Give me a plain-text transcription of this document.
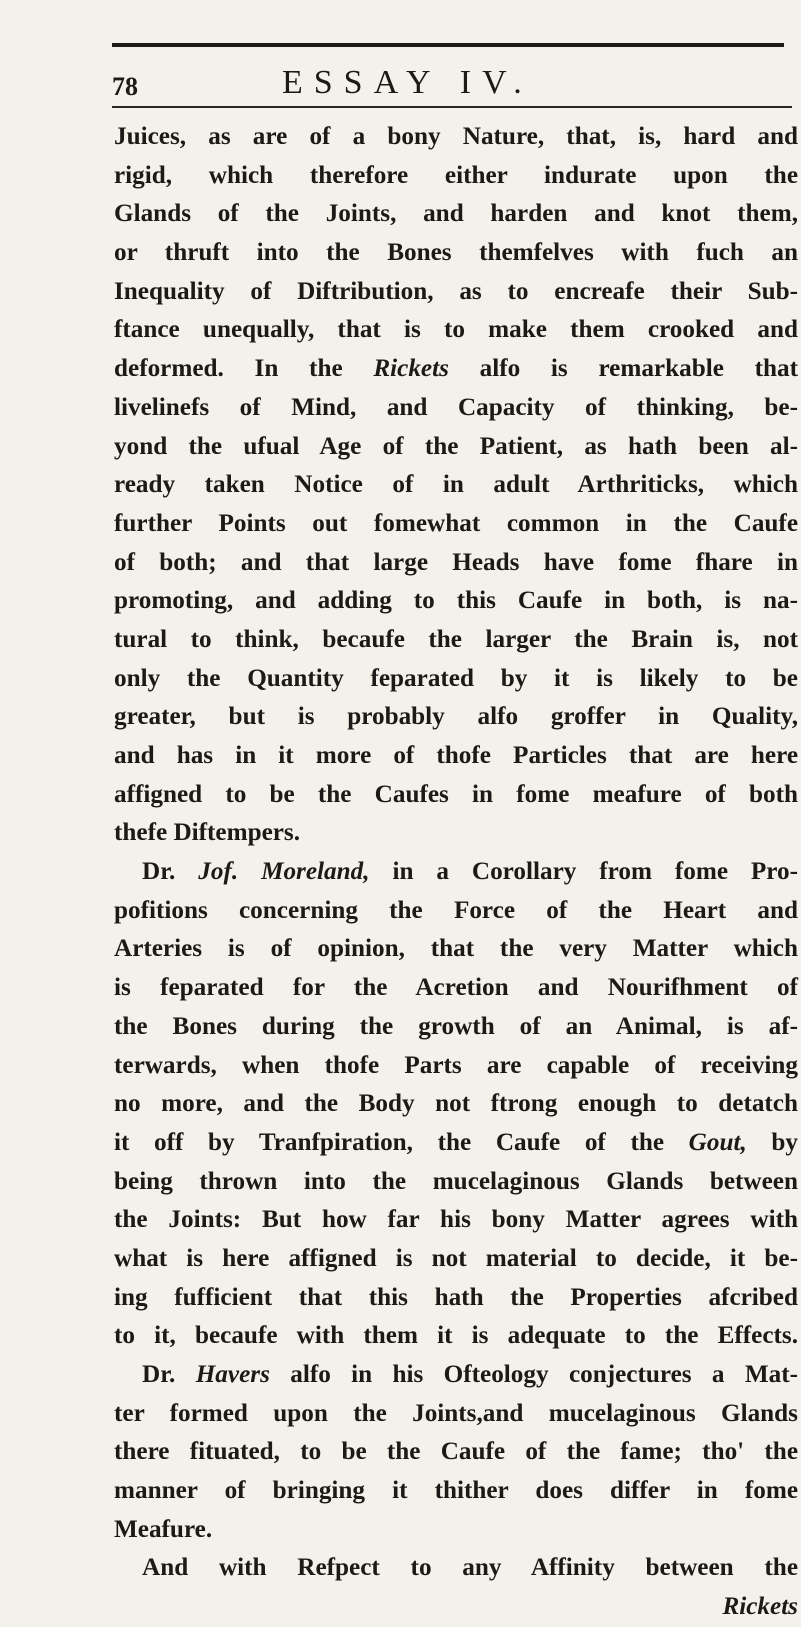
78	ESSAY IV.
Juices, as are of a bony Nature, that, is, hard and
rigid, which therefore either indurate upon the
Glands of the Joints, and harden and knot them,
or thruft into the Bones themfelves with fuch an
Inequality of Diftribution, as to encreafe their Sub-
ftance unequally, that is to make them crooked and
deformed. In the Rickets alfo is remarkable that
livelinefs of Mind, and Capacity of thinking, be-
yond the ufual Age of the Patient, as hath been al-
ready taken Notice of in adult Arthriticks, which
further Points out fomewhat common in the Caufe
of both; and that large Heads have fome fhare in
promoting, and adding to this Caufe in both, is na-
tural to think, becaufe the larger the Brain is, not
only the Quantity feparated by it is likely to be
greater, but is probably alfo groffer in Quality,
and has in it more of thofe Particles that are here
affigned to be the Caufes in fome meafure of both
thefe Diftempers.
Dr. Jof. Moreland, in a Corollary from fome Pro-
pofitions concerning the Force of the Heart and
Arteries is of opinion, that the very Matter which
is feparated for the Acretion and Nourifhment of
the Bones during the growth of an Animal, is af-
terwards, when thofe Parts are capable of receiving
no more, and the Body not ftrong enough to detatch
it off by Tranfpiration, the Caufe of the Gout, by
being thrown into the mucelaginous Glands between
the Joints: But how far his bony Matter agrees with
what is here affigned is not material to decide, it be-
ing fufficient that this hath the Properties afcribed
to it, becaufe with them it is adequate to the Effects.
Dr. Havers alfo in his Ofteology conjectures a Mat-
ter formed upon the Joints,and mucelaginous Glands
there fituated, to be the Caufe of the fame; tho' the
manner of bringing it thither does differ in fome
Meafure.
And with Refpect to any Affinity between the
Rickets
